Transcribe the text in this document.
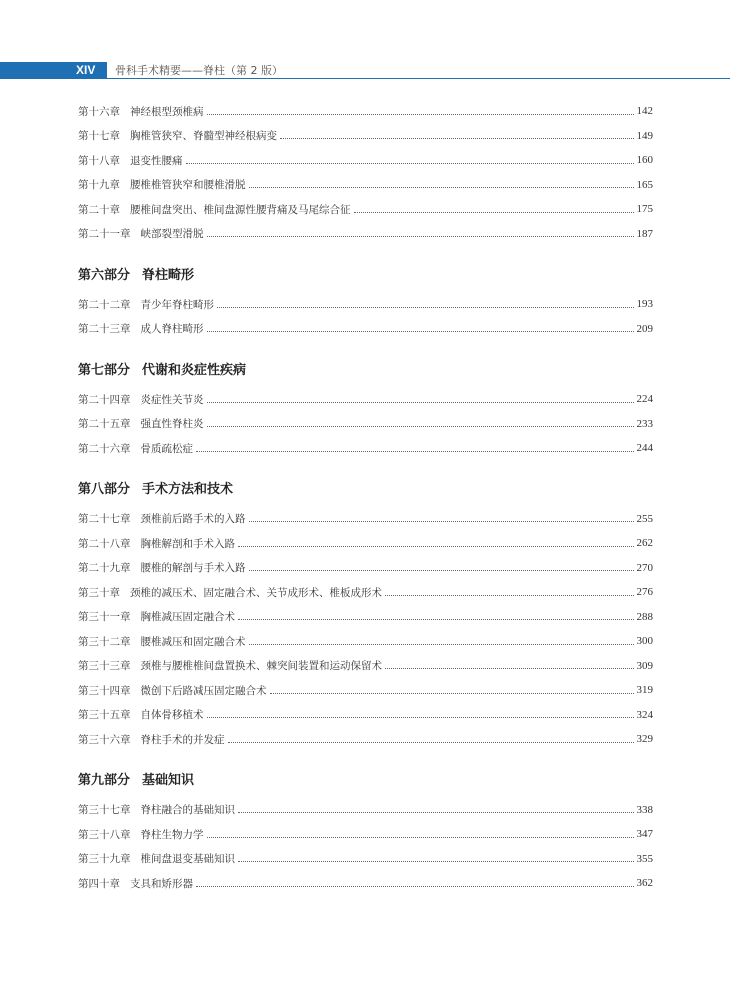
XIV 骨科手术精要——脊柱（第 2 版）
第十六章 神经根型颈椎病	142
第十七章 胸椎管狭窄、脊髓型神经根病变	149
第十八章 退变性腰痛	160
第十九章 腰椎椎管狭窄和腰椎滑脱	165
第二十章 腰椎间盘突出、椎间盘源性腰背痛及马尾综合征	175
第二十一章 峡部裂型滑脱	187
第六部分 脊柱畸形
第二十二章 青少年脊柱畸形	193
第二十三章 成人脊柱畸形	209
第七部分 代谢和炎症性疾病
第二十四章 炎症性关节炎	224
第二十五章 强直性脊柱炎	233
第二十六章 骨质疏松症	244
第八部分 手术方法和技术
第二十七章 颈椎前后路手术的入路	255
第二十八章 胸椎解剖和手术入路	262
第二十九章 腰椎的解剖与手术入路	270
第三十章 颈椎的减压术、固定融合术、关节成形术、椎板成形术	276
第三十一章 胸椎减压固定融合术	288
第三十二章 腰椎减压和固定融合术	300
第三十三章 颈椎与腰椎椎间盘置换术、棘突间装置和运动保留术	309
第三十四章 微创下后路减压固定融合术	319
第三十五章 自体骨移植术	324
第三十六章 脊柱手术的并发症	329
第九部分 基础知识
第三十七章 脊柱融合的基础知识	338
第三十八章 脊柱生物力学	347
第三十九章 椎间盘退变基础知识	355
第四十章 支具和矫形器	362
